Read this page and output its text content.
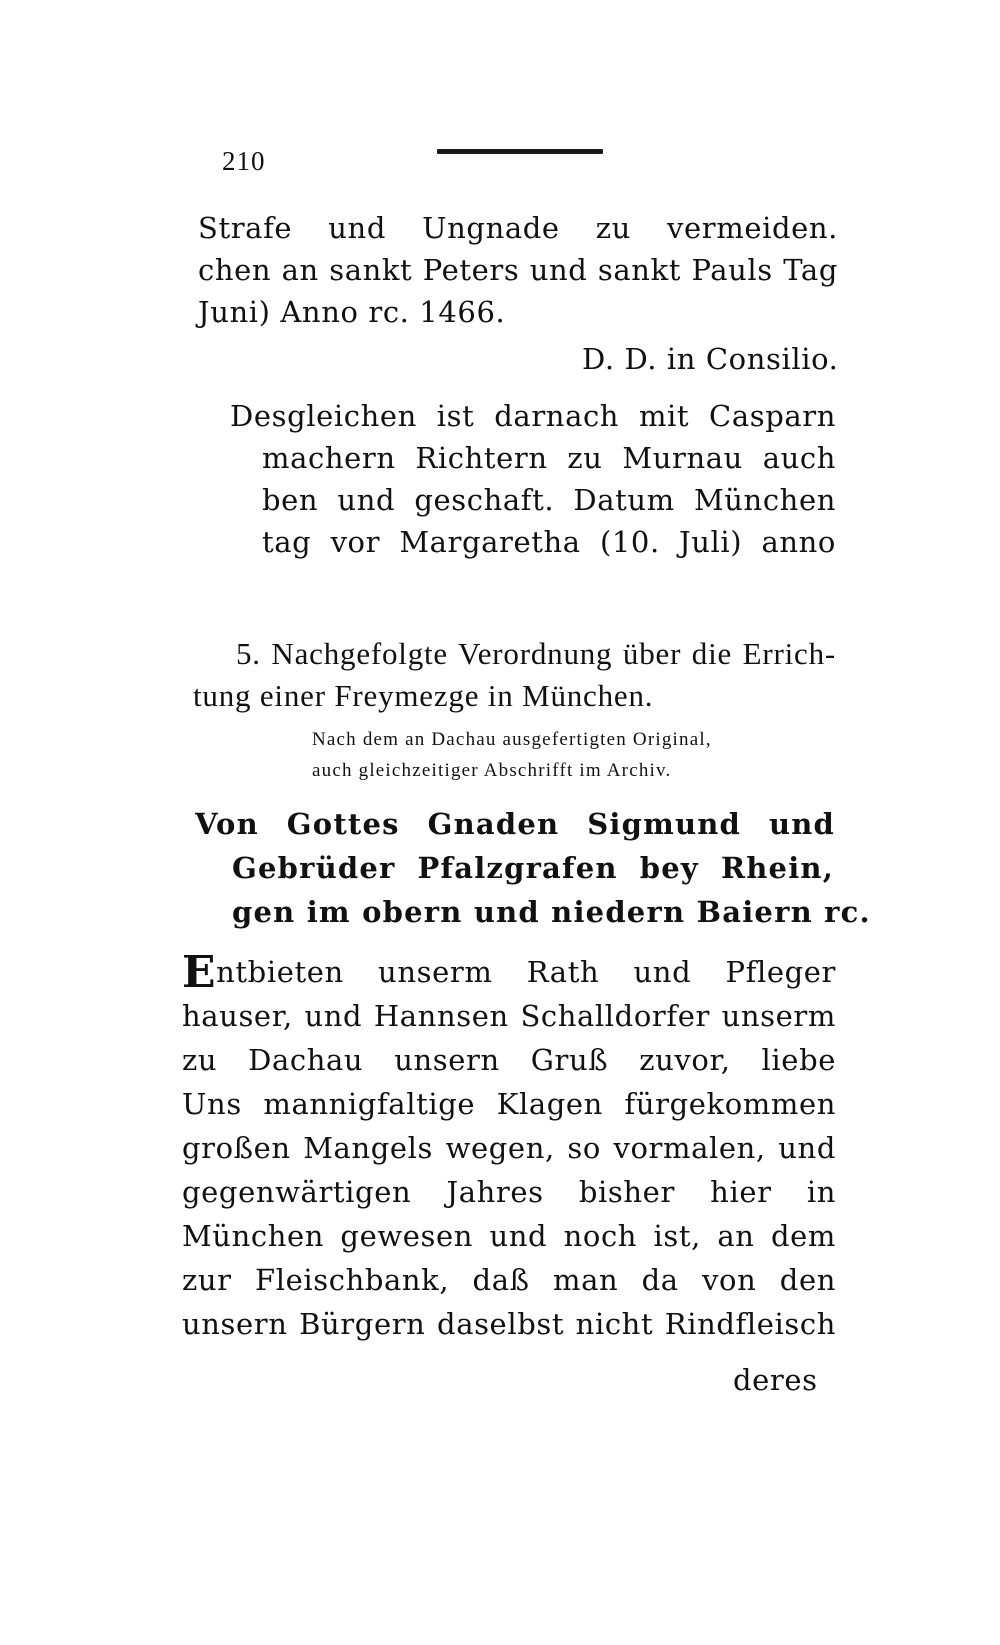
210
Strafe und Ungnade zu vermeiden.
chen an sankt Peters und sankt Pauls Tag
Juni) Anno rc. 1466.
D. D. in Consilio.
Desgleichen ist darnach mit Casparn
machern Richtern zu Murnau auch
ben und geschaft. Datum München
tag vor Margaretha (10. Juli) anno
5. Nachgefolgte Verordnung über die Errich-
tung einer Freymezge in München.
Nach dem an Dachau ausgefertigten Original,
auch gleichzeitiger Abschrifft im Archiv.
Von Gottes Gnaden Sigmund und
Gebrüder Pfalzgrafen bey Rhein,
gen im obern und niedern Baiern rc.
Entbieten unserm Rath und Pfleger
hauser, und Hannsen Schalldorfer unserm
zu Dachau unsern Gruß zuvor, liebe
Uns mannigfaltige Klagen fürgekommen
großen Mangels wegen, so vormalen, und
gegenwärtigen Jahres bisher hier in
München gewesen und noch ist, an dem
zur Fleischbank, daß man da von den
unsern Bürgern daselbst nicht Rindfleisch
deres
